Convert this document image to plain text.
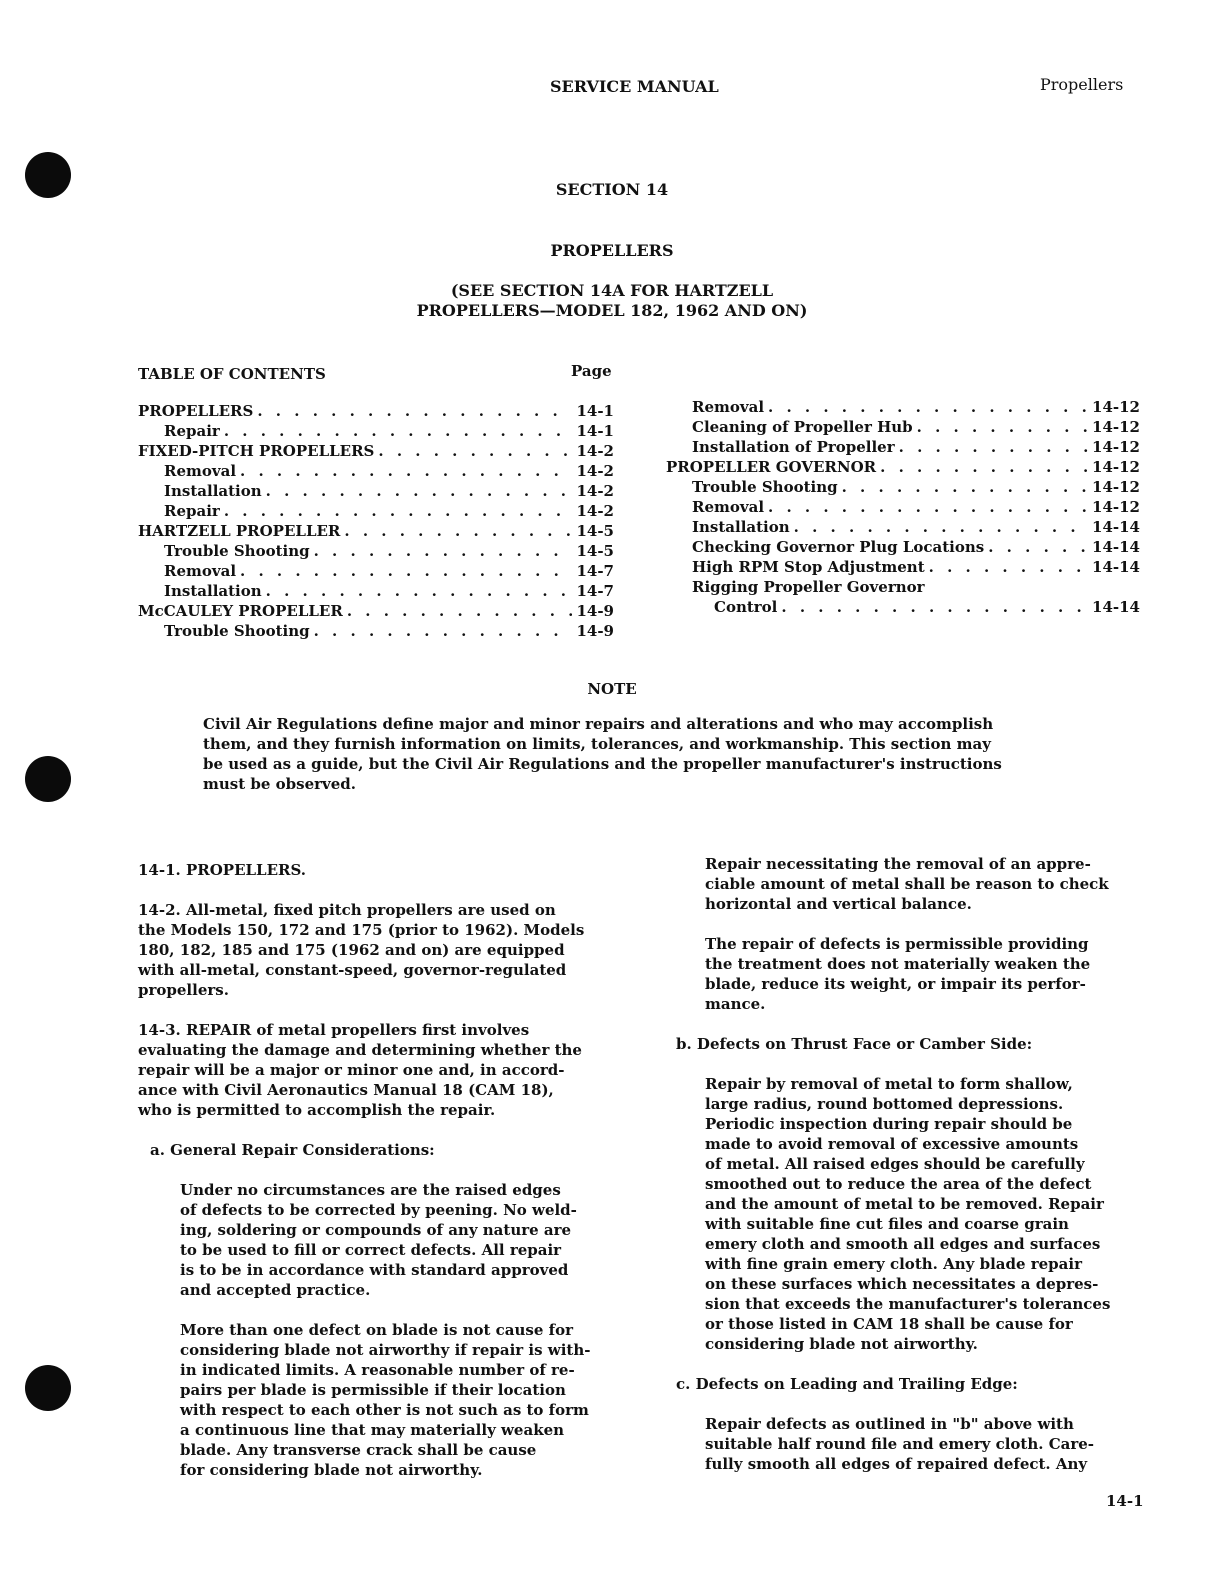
SERVICE MANUAL	Propellers
SECTION 14
PROPELLERS
(SEE SECTION 14A FOR HARTZELL
PROPELLERS—MODEL 182, 1962 AND ON)
TABLE OF CONTENTS	Page
PROPELLERS . . .	14-1
Repair . . .	14-1
FIXED-PITCH PROPELLERS . . .	14-2
Removal . . .	14-2
Installation . . .	14-2
Repair . . .	14-2
HARTZELL PROPELLER . . .	14-5
Trouble Shooting . . .	14-5
Removal . . .	14-7
Installation . . .	14-7
McCAULEY PROPELLER . . .	14-9
Trouble Shooting . . .	14-9
Removal . . .	14-12
Cleaning of Propeller Hub . . .	14-12
Installation of Propeller . . .	14-12
PROPELLER GOVERNOR . . .	14-12
Trouble Shooting . . .	14-12
Removal . . .	14-12
Installation . . .	14-14
Checking Governor Plug Locations . . .	14-14
High RPM Stop Adjustment . . .	14-14
Rigging Propeller Governor
Control . . .	14-14
NOTE
Civil Air Regulations define major and minor repairs and alterations and who may accomplish
them, and they furnish information on limits, tolerances, and workmanship. This section may
be used as a guide, but the Civil Air Regulations and the propeller manufacturer's instructions
must be observed.

14-1. PROPELLERS.

14-2. All-metal, fixed pitch propellers are used on
the Models 150, 172 and 175 (prior to 1962). Models
180, 182, 185 and 175 (1962 and on) are equipped
with all-metal, constant-speed, governor-regulated
propellers.

14-3. REPAIR of metal propellers first involves
evaluating the damage and determining whether the
repair will be a major or minor one and, in accord-
ance with Civil Aeronautics Manual 18 (CAM 18),
who is permitted to accomplish the repair.

a. General Repair Considerations:

Under no circumstances are the raised edges
of defects to be corrected by peening. No weld-
ing, soldering or compounds of any nature are
to be used to fill or correct defects. All repair
is to be in accordance with standard approved
and accepted practice.

More than one defect on blade is not cause for
considering blade not airworthy if repair is with-
in indicated limits. A reasonable number of re-
pairs per blade is permissible if their location
with respect to each other is not such as to form
a continuous line that may materially weaken
blade. Any transverse crack shall be cause
for considering blade not airworthy.

Repair necessitating the removal of an appre-
ciable amount of metal shall be reason to check
horizontal and vertical balance.

The repair of defects is permissible providing
the treatment does not materially weaken the
blade, reduce its weight, or impair its perfor-
mance.

b. Defects on Thrust Face or Camber Side:

Repair by removal of metal to form shallow,
large radius, round bottomed depressions.
Periodic inspection during repair should be
made to avoid removal of excessive amounts
of metal. All raised edges should be carefully
smoothed out to reduce the area of the defect
and the amount of metal to be removed. Repair
with suitable fine cut files and coarse grain
emery cloth and smooth all edges and surfaces
with fine grain emery cloth. Any blade repair
on these surfaces which necessitates a depres-
sion that exceeds the manufacturer's tolerances
or those listed in CAM 18 shall be cause for
considering blade not airworthy.

c. Defects on Leading and Trailing Edge:

Repair defects as outlined in "b" above with
suitable half round file and emery cloth. Care-
fully smooth all edges of repaired defect. Any

14-1
